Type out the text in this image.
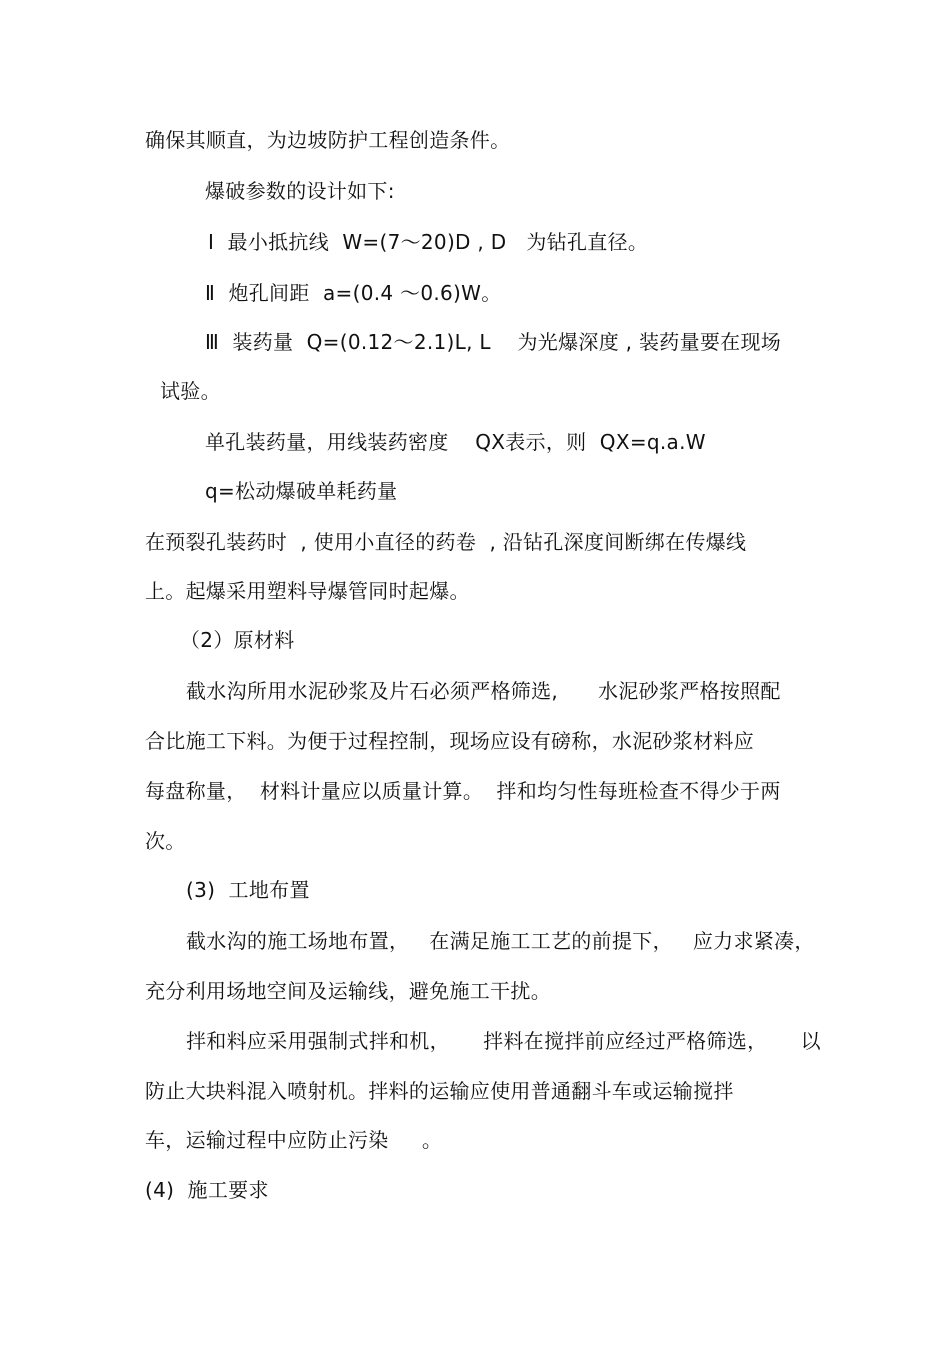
确保其顺直，为边坡防护工程创造条件。
爆破参数的设计如下:
Ⅰ  最小抵抗线  W=(7～20)D , D   为钻孔直径。
Ⅱ  炮孔间距  a=(0.4 ～0.6)W。
Ⅲ  装药量  Q=(0.12～2.1)L, L    为光爆深度 , 装药量要在现场
试验。
单孔装药量，用线装药密度    QX表示，则  QX=q.a.W
q=松动爆破单耗药量
在预裂孔装药时  , 使用小直径的药卷  , 沿钻孔深度间断绑在传爆线
上。起爆采用塑料导爆管同时起爆。
（2）原材料
截水沟所用水泥砂浆及片石必须严格筛选,      水泥砂浆严格按照配
合比施工下料。为便于过程控制，现场应设有磅称，水泥砂浆材料应
每盘称量，  材料计量应以质量计算。  拌和均匀性每班检查不得少于两
次。
(3)  工地布置
截水沟的施工场地布置，   在满足施工工艺的前提下，   应力求紧凑，
充分利用场地空间及运输线，避免施工干扰。
拌和料应采用强制式拌和机，     拌料在搅拌前应经过严格筛选，     以
防止大块料混入喷射机。拌料的运输应使用普通翻斗车或运输搅拌
车，运输过程中应防止污染     。
(4)  施工要求
